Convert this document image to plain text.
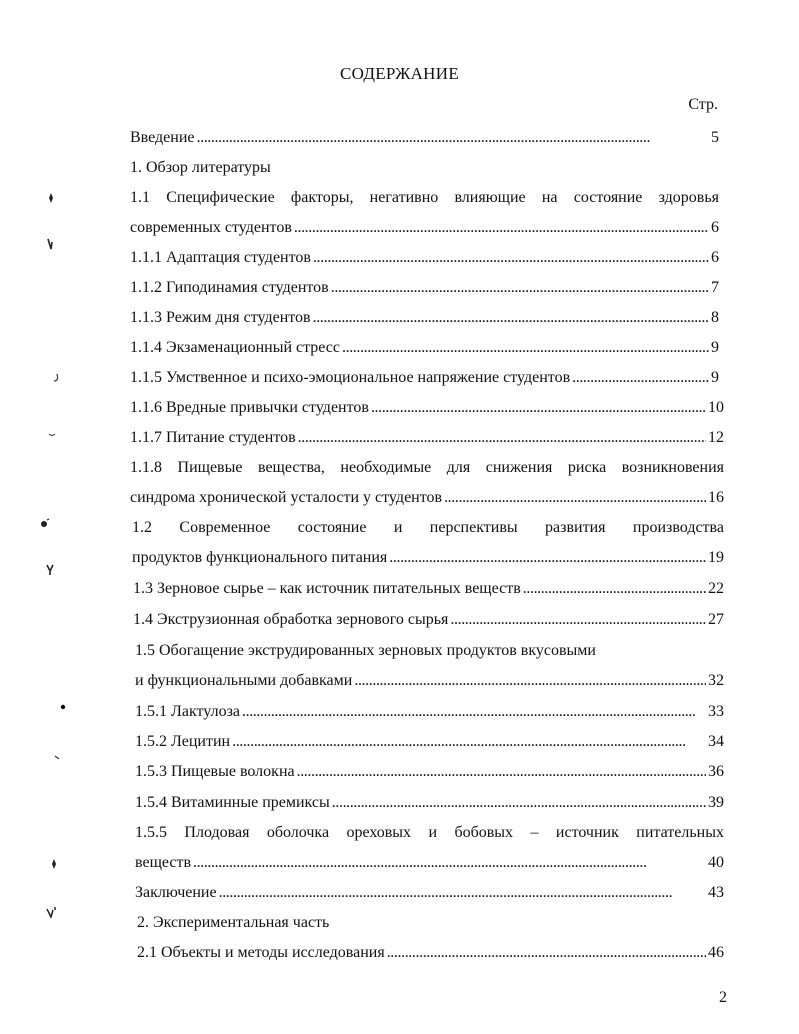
СОДЕРЖАНИЕ
Стр.
Введение . . .	5
1. Обзор литературы
1.1 Специфические факторы, негативно влияющие на состояние здоровья
современных студентов . . .	6
1.1.1 Адаптация студентов . . .	6
1.1.2 Гиподинамия студентов . . .	7
1.1.3 Режим дня студентов . . .	8
1.1.4 Экзаменационный стресс . . .	9
1.1.5 Умственное и психо-эмоциональное напряжение студентов . . .	9
1.1.6 Вредные привычки студентов . . .	10
1.1.7 Питание студентов . . .	12
1.1.8 Пищевые вещества, необходимые для снижения риска возникновения
синдрома хронической усталости у студентов . . .	16
1.2 Современное состояние и перспективы развития производства
продуктов функционального питания . . .	19
1.3 Зерновое сырье – как источник питательных веществ . . .	22
1.4 Экструзионная обработка зернового сырья . . .	27
1.5 Обогащение экструдированных зерновых продуктов вкусовыми
и функциональными добавками . . .	32
1.5.1 Лактулоза . . .	33
1.5.2 Лецитин . . .	34
1.5.3 Пищевые волокна . . .	36
1.5.4 Витаминные премиксы . . .	39
1.5.5 Плодовая оболочка ореховых и бобовых – источник питательных
веществ . . .	40
Заключение . . .	43
2. Экспериментальная часть
2.1 Объекты и методы исследования . . .	46
2
